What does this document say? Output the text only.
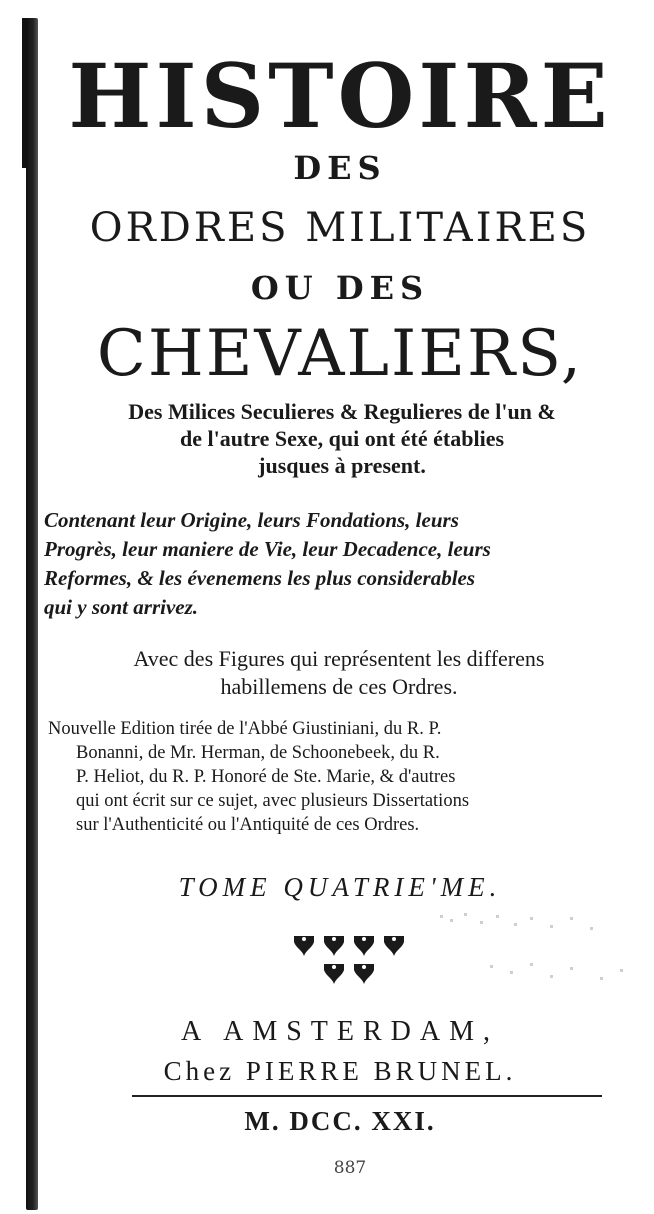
HISTOIRE
DES
ORDRES MILITAIRES
OU DES
CHEVALIERS,
Des Milices Seculieres & Regulieres de l'un &
de l'autre Sexe, qui ont été établies
jusques à present.
Contenant leur Origine, leurs Fondations, leurs
Progrès, leur maniere de Vie, leur Decadence, leurs
Reformes, & les évenemens les plus considerables
qui y sont arrivez.
Avec des Figures qui représentent les differens
habillemens de ces Ordres.
Nouvelle Edition tirée de l'Abbé Giustiniani, du R. P.
Bonanni, de Mr. Herman, de Schoonebeek, du R.
P. Heliot, du R. P. Honoré de Ste. Marie, & d'autres
qui ont écrit sur ce sujet, avec plusieurs Dissertations
sur l'Authenticité ou l'Antiquité de ces Ordres.
TOME QUATRIE'ME.
A AMSTERDAM,
Chez PIERRE BRUNEL.
M. DCC. XXI.
887
